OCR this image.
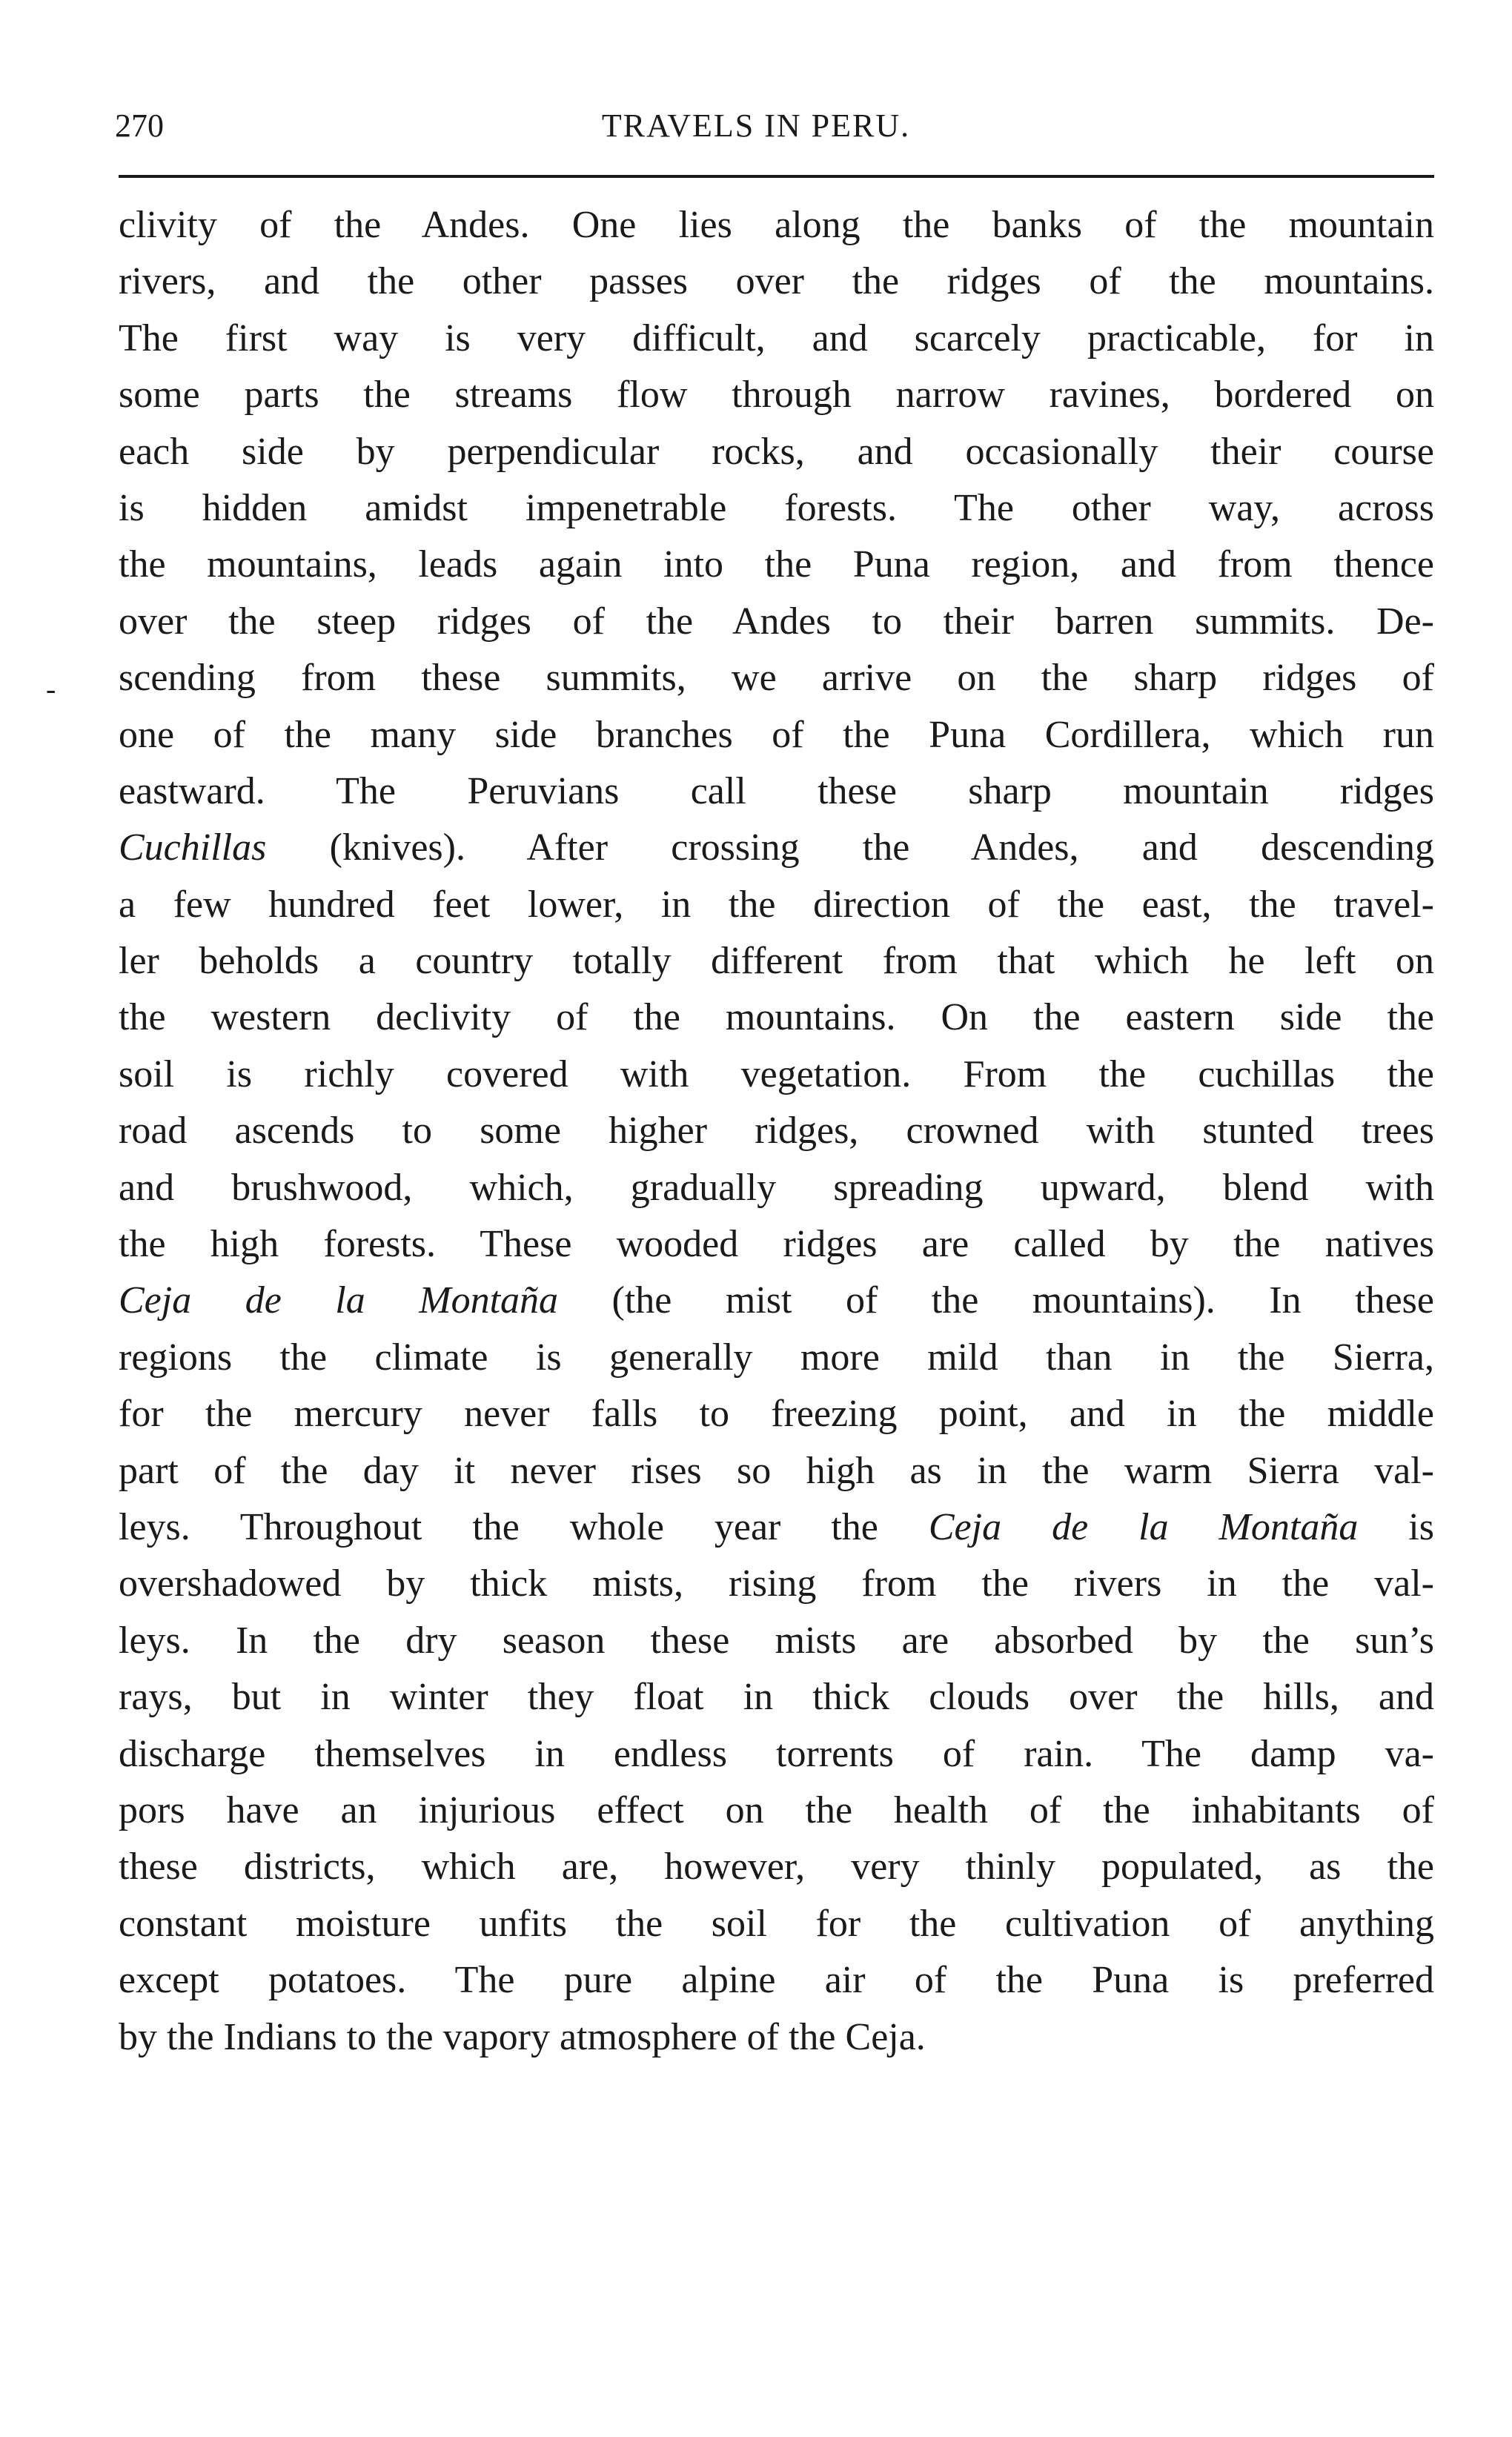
270	TRAVELS IN PERU.
-
clivity of the Andes. One lies along the banks of the mountain
rivers, and the other passes over the ridges of the mountains.
The first way is very difficult, and scarcely practicable, for in
some parts the streams flow through narrow ravines, bordered on
each side by perpendicular rocks, and occasionally their course
is hidden amidst impenetrable forests. The other way, across
the mountains, leads again into the Puna region, and from thence
over the steep ridges of the Andes to their barren summits. De-
scending from these summits, we arrive on the sharp ridges of
one of the many side branches of the Puna Cordillera, which run
eastward. The Peruvians call these sharp mountain ridges
Cuchillas (knives). After crossing the Andes, and descending
a few hundred feet lower, in the direction of the east, the travel-
ler beholds a country totally different from that which he left on
the western declivity of the mountains. On the eastern side the
soil is richly covered with vegetation. From the cuchillas the
road ascends to some higher ridges, crowned with stunted trees
and brushwood, which, gradually spreading upward, blend with
the high forests. These wooded ridges are called by the natives
Ceja de la Montaña (the mist of the mountains). In these
regions the climate is generally more mild than in the Sierra,
for the mercury never falls to freezing point, and in the middle
part of the day it never rises so high as in the warm Sierra val-
leys. Throughout the whole year the Ceja de la Montaña is
overshadowed by thick mists, rising from the rivers in the val-
leys. In the dry season these mists are absorbed by the sun’s
rays, but in winter they float in thick clouds over the hills, and
discharge themselves in endless torrents of rain. The damp va-
pors have an injurious effect on the health of the inhabitants of
these districts, which are, however, very thinly populated, as the
constant moisture unfits the soil for the cultivation of anything
except potatoes. The pure alpine air of the Puna is preferred
by the Indians to the vapory atmosphere of the Ceja.
